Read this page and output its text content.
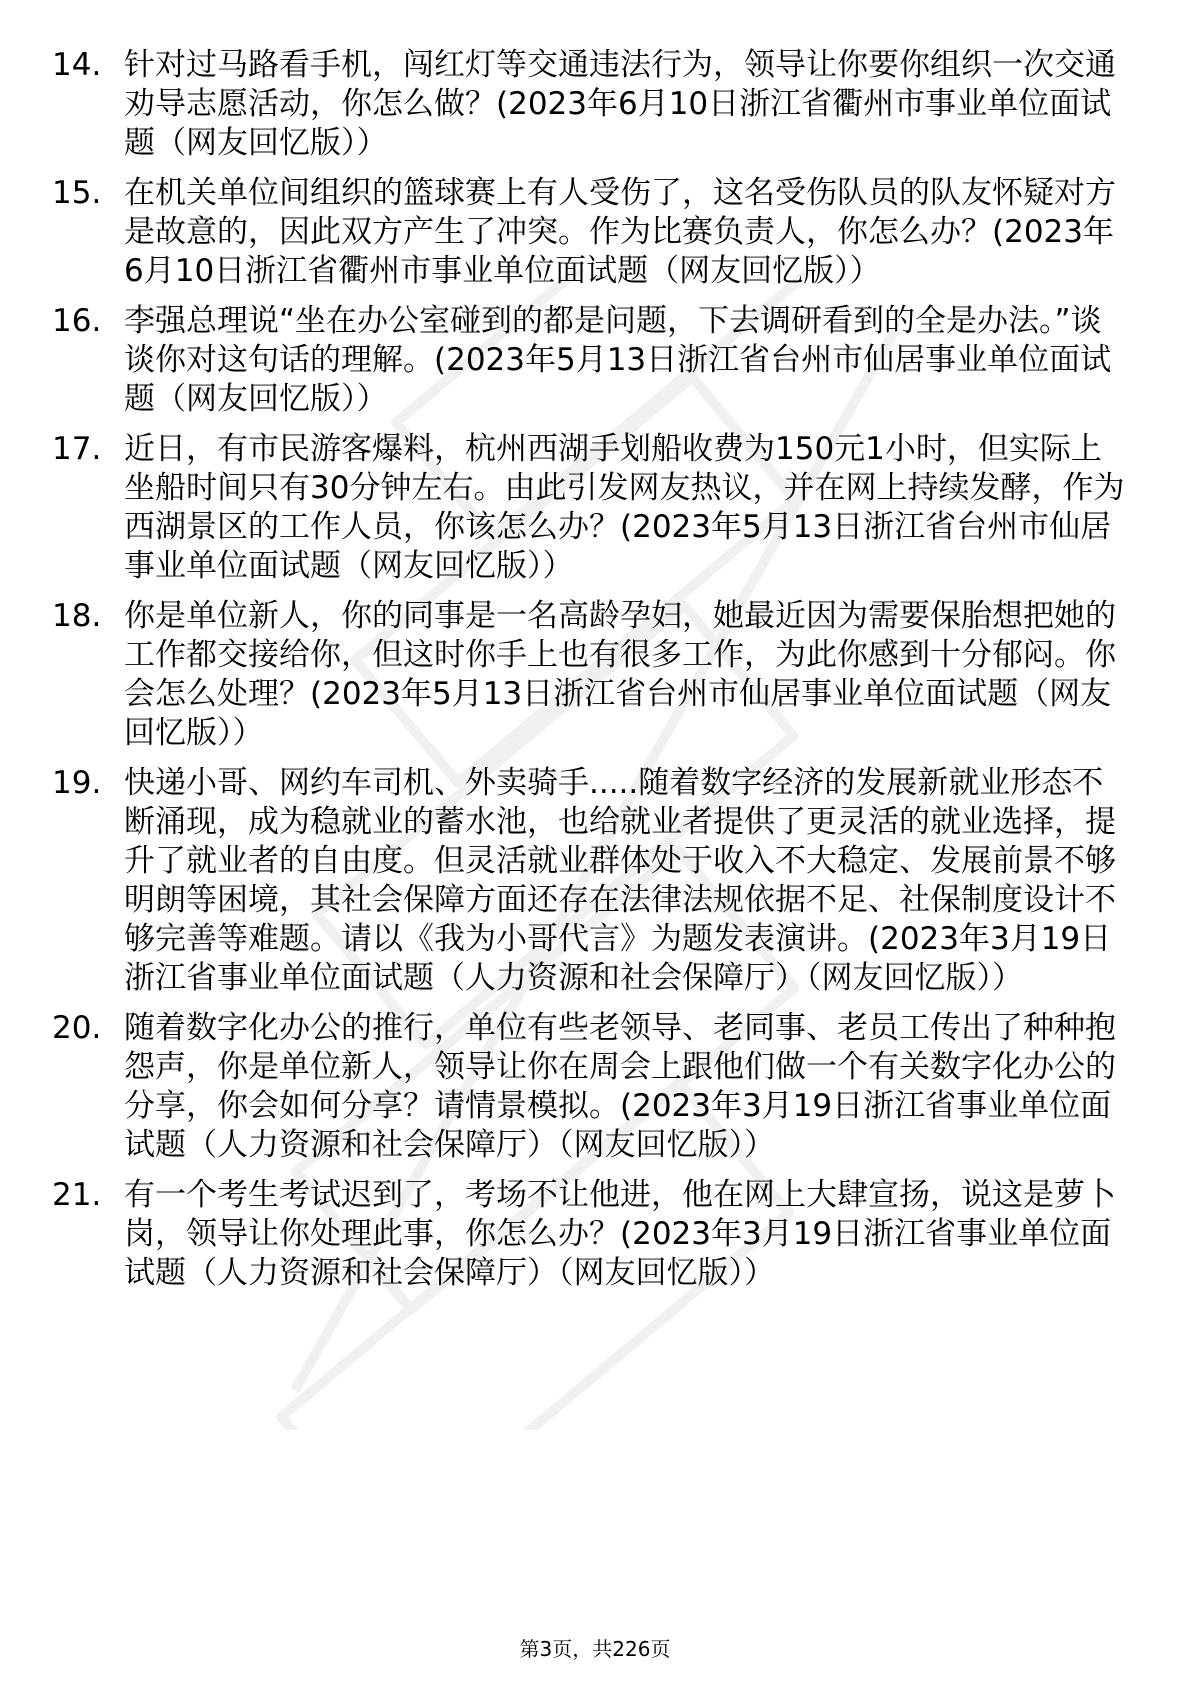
14. 针对过马路看手机，闯红灯等交通违法行为，领导让你要你组织一次交通劝导志愿活动，你怎么做？(2023年6月10日浙江省衢州市事业单位面试题（网友回忆版））
15. 在机关单位间组织的篮球赛上有人受伤了，这名受伤队员的队友怀疑对方是故意的，因此双方产生了冲突。作为比赛负责人，你怎么办？(2023年6月10日浙江省衢州市事业单位面试题（网友回忆版））
16. 李强总理说“坐在办公室碰到的都是问题，下去调研看到的全是办法。”谈谈你对这句话的理解。(2023年5月13日浙江省台州市仙居事业单位面试题（网友回忆版））
17. 近日，有市民游客爆料，杭州西湖手划船收费为150元1小时，但实际上坐船时间只有30分钟左右。由此引发网友热议，并在网上持续发酵，作为西湖景区的工作人员，你该怎么办？(2023年5月13日浙江省台州市仙居事业单位面试题（网友回忆版））
18. 你是单位新人，你的同事是一名高龄孕妇，她最近因为需要保胎想把她的工作都交接给你，但这时你手上也有很多工作，为此你感到十分郁闷。你会怎么处理？(2023年5月13日浙江省台州市仙居事业单位面试题（网友回忆版））
19. 快递小哥、网约车司机、外卖骑手.....随着数字经济的发展新就业形态不断涌现，成为稳就业的蓄水池，也给就业者提供了更灵活的就业选择，提升了就业者的自由度。但灵活就业群体处于收入不大稳定、发展前景不够明朗等困境，其社会保障方面还存在法律法规依据不足、社保制度设计不够完善等难题。请以《我为小哥代言》为题发表演讲。(2023年3月19日浙江省事业单位面试题（人力资源和社会保障厅）（网友回忆版））
20. 随着数字化办公的推行，单位有些老领导、老同事、老员工传出了种种抱怨声，你是单位新人，领导让你在周会上跟他们做一个有关数字化办公的分享，你会如何分享？请情景模拟。(2023年3月19日浙江省事业单位面试题（人力资源和社会保障厅）（网友回忆版））
21. 有一个考生考试迟到了，考场不让他进，他在网上大肆宣扬，说这是萝卜岗，领导让你处理此事，你怎么办？(2023年3月19日浙江省事业单位面试题（人力资源和社会保障厅）（网友回忆版））
第3页，共226页
